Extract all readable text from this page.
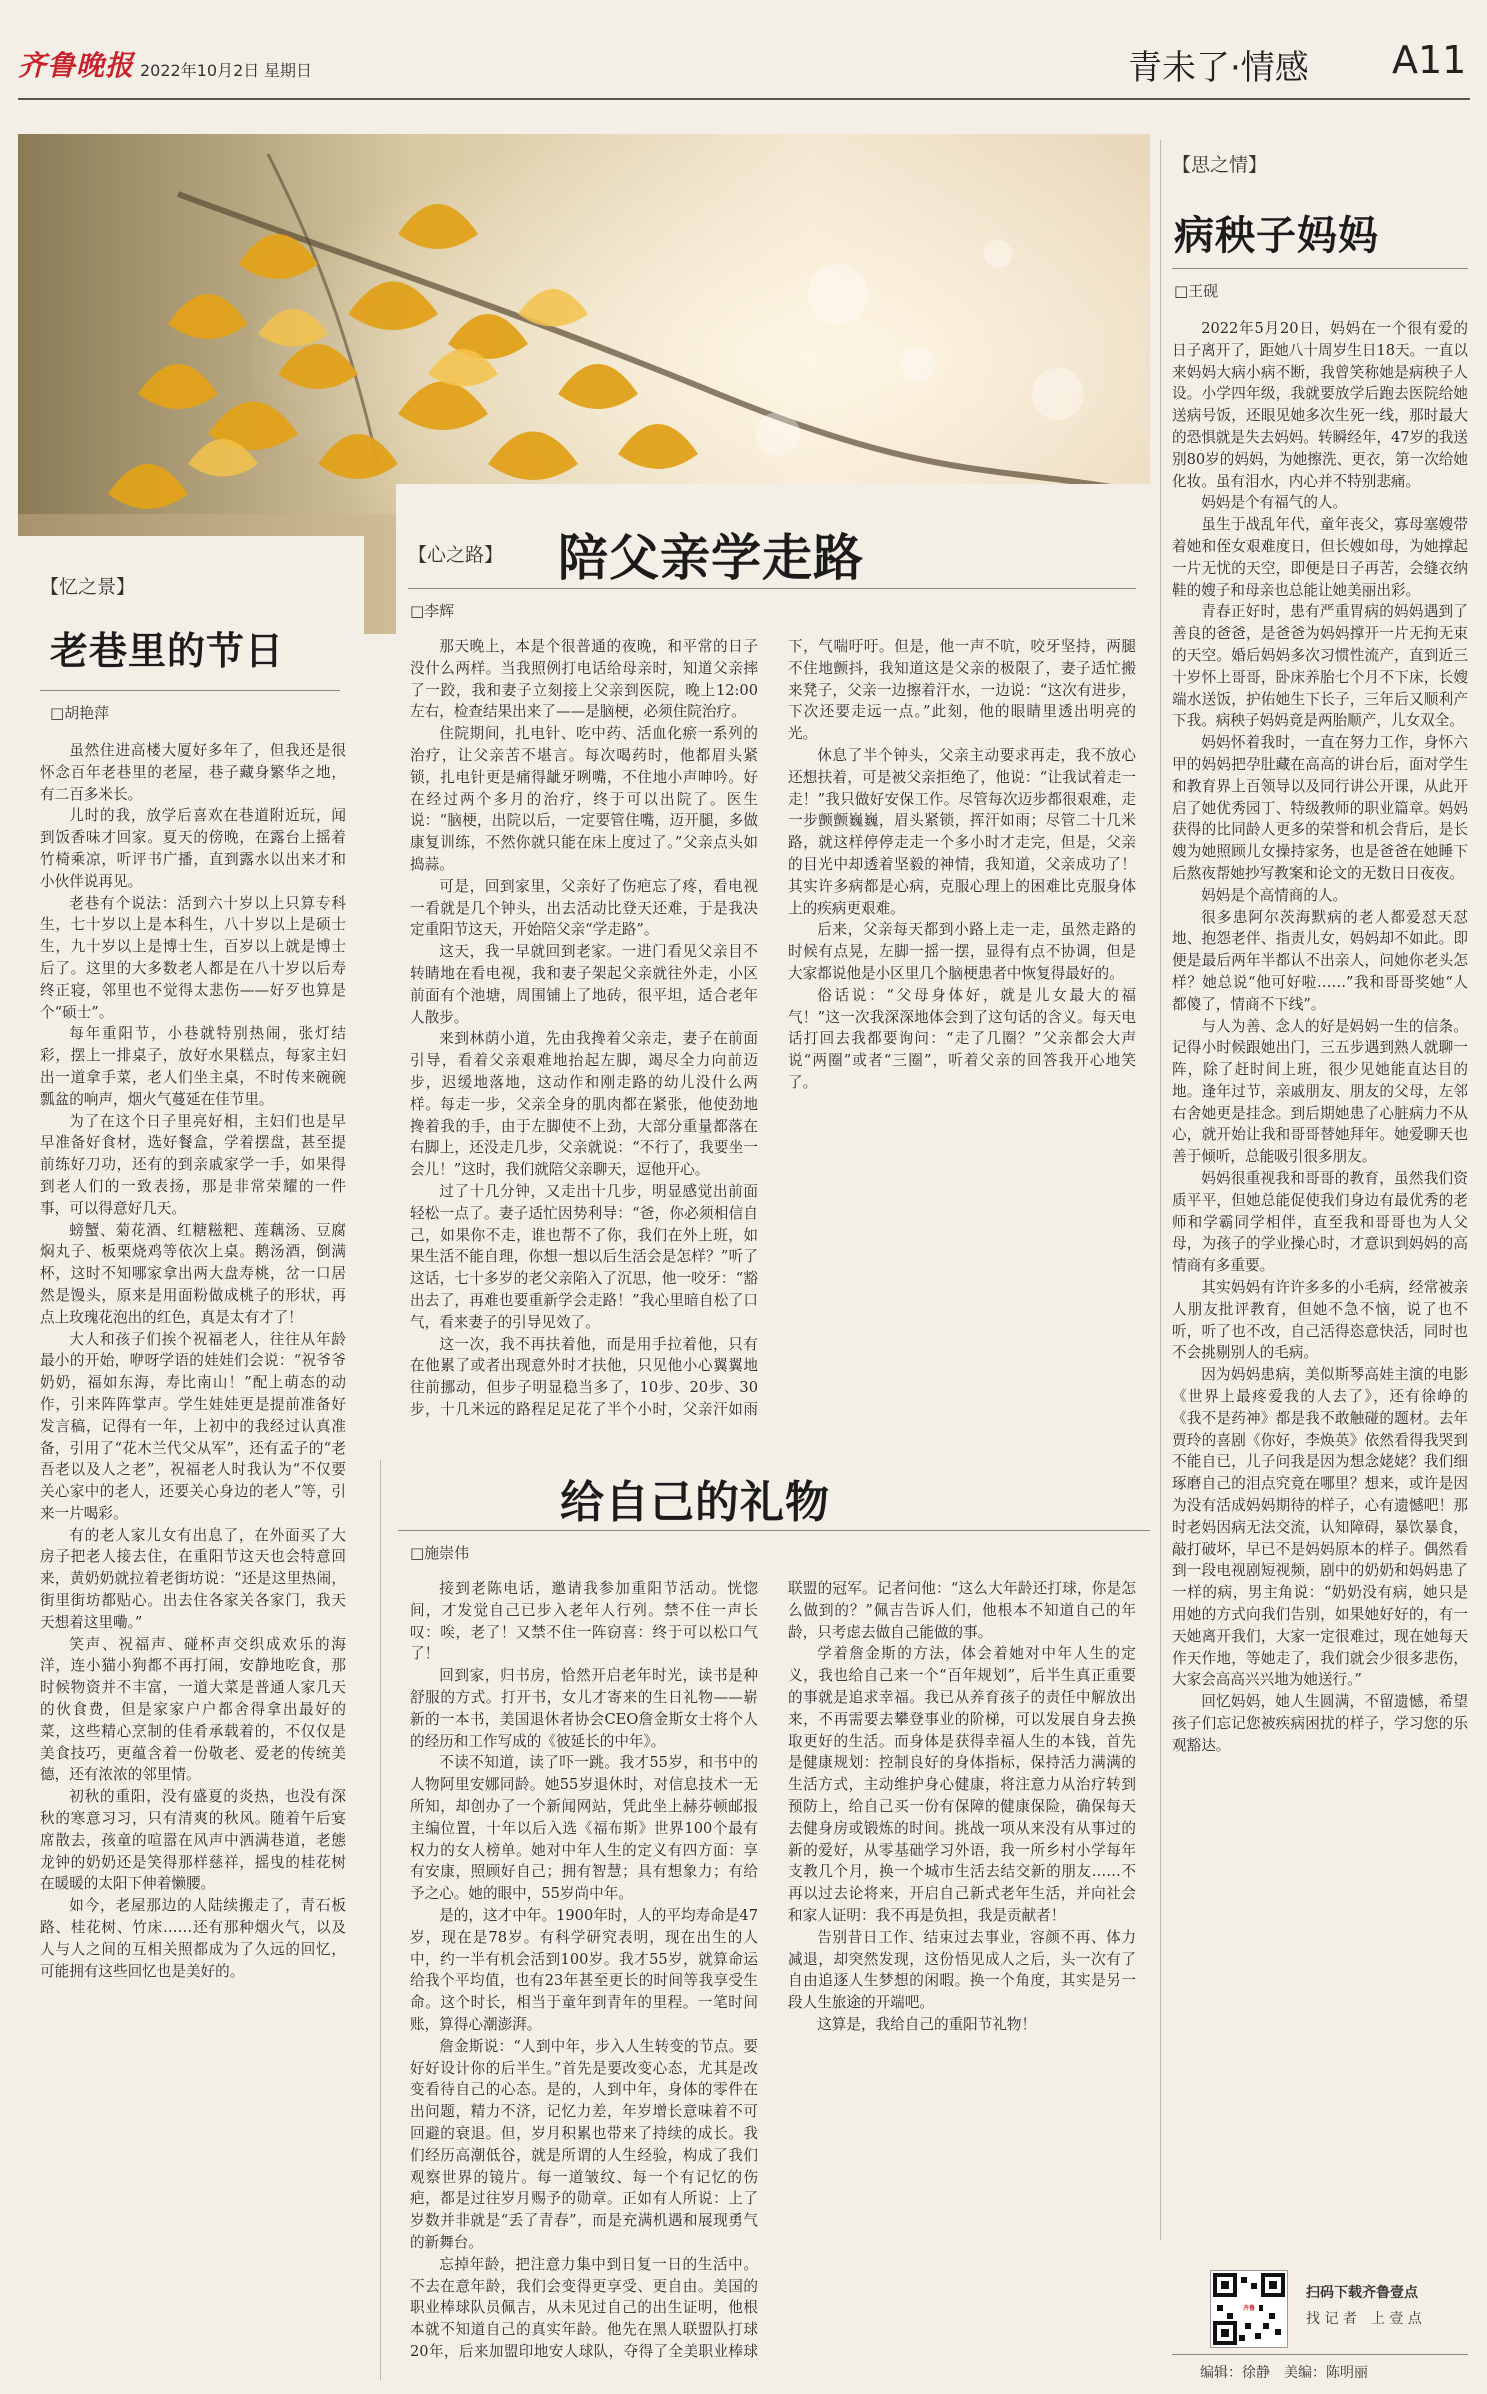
齐鲁晚报 2022年10月2日 星期日	青未了·情感 A11
【忆之景】
老巷里的节日
□胡艳萍

虽然住进高楼大厦好多年了，但我还是很怀念百年老巷里的老屋，巷子藏身繁华之地，有二百多米长。

儿时的我，放学后喜欢在巷道附近玩，闻到饭香味才回家。夏天的傍晚，在露台上摇着竹椅乘凉，听评书广播，直到露水以出来才和小伙伴说再见。

老巷有个说法：活到六十岁以上只算专科生，七十岁以上是本科生，八十岁以上是硕士生，九十岁以上是博士生，百岁以上就是博士后了。这里的大多数老人都是在八十岁以后寿终正寝，邻里也不觉得太悲伤——好歹也算是个“硕士”。

每年重阳节，小巷就特别热闹，张灯结彩，摆上一排桌子，放好水果糕点，每家主妇出一道拿手菜，老人们坐主桌，不时传来碗碗瓢盆的响声，烟火气蔓延在佳节里。

为了在这个日子里亮好相，主妇们也是早早准备好食材，选好餐盒，学着摆盘，甚至提前练好刀功，还有的到亲戚家学一手，如果得到老人们的一致表扬，那是非常荣耀的一件事，可以得意好几天。

螃蟹、菊花酒、红糖糍粑、莲藕汤、豆腐焖丸子、板栗烧鸡等依次上桌。鹅汤酒，倒满杯，这时不知哪家拿出两大盘寿桃，岔一口居然是馒头，原来是用面粉做成桃子的形状，再点上玫瑰花泡出的红色，真是太有才了！

大人和孩子们挨个祝福老人，往往从年龄最小的开始，咿呀学语的娃娃们会说：“祝爷爷奶奶，福如东海，寿比南山！”配上萌态的动作，引来阵阵掌声。学生娃娃更是提前准备好发言稿，记得有一年，上初中的我经过认真准备，引用了“花木兰代父从军”，还有孟子的“老吾老以及人之老”，祝福老人时我认为“不仅要关心家中的老人，还要关心身边的老人”等，引来一片喝彩。

有的老人家儿女有出息了，在外面买了大房子把老人接去住，在重阳节这天也会特意回来，黄奶奶就拉着老街坊说：“还是这里热闹，街里街坊都贴心。出去住各家关各家门，我天天想着这里嘞。”

笑声、祝福声、碰杯声交织成欢乐的海洋，连小猫小狗都不再打闹，安静地吃食，那时候物资并不丰富，一道大菜是普通人家几天的伙食费，但是家家户户都舍得拿出最好的菜，这些精心烹制的佳肴承载着的，不仅仅是美食技巧，更蕴含着一份敬老、爱老的传统美德，还有浓浓的邻里情。

初秋的重阳，没有盛夏的炎热，也没有深秋的寒意习习，只有清爽的秋风。随着午后宴席散去，孩童的喧嚣在风声中洒满巷道，老態龙钟的奶奶还是笑得那样慈祥，摇曳的桂花树在暖暖的太阳下伸着懒腰。

如今，老屋那边的人陆续搬走了，青石板路、桂花树、竹床……还有那种烟火气，以及人与人之间的互相关照都成为了久远的回忆，可能拥有这些回忆也是美好的。

【心之路】 陪父亲学走路
□李辉

那天晚上，本是个很普通的夜晚，和平常的日子没什么两样。当我照例打电话给母亲时，知道父亲摔了一跤，我和妻子立刻接上父亲到医院，晚上12:00左右，检查结果出来了——是脑梗，必须住院治疗。

住院期间，扎电针、吃中药、活血化瘀一系列的治疗，让父亲苦不堪言。每次喝药时，他都眉头紧锁，扎电针更是痛得龇牙咧嘴，不住地小声呻吟。好在经过两个多月的治疗，终于可以出院了。医生说：“脑梗，出院以后，一定要管住嘴，迈开腿，多做康复训练，不然你就只能在床上度过了。”父亲点头如捣蒜。

可是，回到家里，父亲好了伤疤忘了疼，看电视一看就是几个钟头，出去活动比登天还难，于是我决定重阳节这天，开始陪父亲“学走路”。

这天，我一早就回到老家。一进门看见父亲目不转睛地在看电视，我和妻子架起父亲就往外走，小区前面有个池塘，周围铺上了地砖，很平坦，适合老年人散步。

来到林荫小道，先由我搀着父亲走，妻子在前面引导，看着父亲艰难地抬起左脚，竭尽全力向前迈步，迟缓地落地，这动作和刚走路的幼儿没什么两样。每走一步，父亲全身的肌肉都在紧张，他使劲地搀着我的手，由于左脚使不上劲，大部分重量都落在右脚上，还没走几步，父亲就说：“不行了，我要坐一会儿！”这时，我们就陪父亲聊天，逗他开心。

过了十几分钟，又走出十几步，明显感觉出前面轻松一点了。妻子适忙因势利导：“爸，你必须相信自己，如果你不走，谁也帮不了你，我们在外上班，如果生活不能自理，你想一想以后生活会是怎样？”听了这话，七十多岁的老父亲陷入了沉思，他一咬牙：“豁出去了，再难也要重新学会走路！”我心里暗自松了口气，看来妻子的引导见效了。

这一次，我不再扶着他，而是用手拉着他，只有在他累了或者出现意外时才扶他，只见他小心翼翼地往前挪动，但步子明显稳当多了，10步、20步、30步，十几米远的路程足足花了半个小时，父亲汗如雨下，气喘吁吁。但是，他一声不吭，咬牙坚持，两腿不住地颤抖，我知道这是父亲的极限了，妻子适忙搬来凳子，父亲一边擦着汗水，一边说：“这次有进步，下次还要走远一点。”此刻，他的眼睛里透出明亮的光。

休息了半个钟头，父亲主动要求再走，我不放心还想扶着，可是被父亲拒绝了，他说：“让我试着走一走！”我只做好安保工作。尽管每次迈步都很艰难，走一步颤颤巍巍，眉头紧锁，挥汗如雨；尽管二十几米路，就这样停停走走一个多小时才走完，但是，父亲的目光中却透着坚毅的神情，我知道，父亲成功了！其实许多病都是心病，克服心理上的困难比克服身体上的疾病更艰难。

后来，父亲每天都到小路上走一走，虽然走路的时候有点晃，左脚一摇一摆，显得有点不协调，但是大家都说他是小区里几个脑梗患者中恢复得最好的。

俗话说：“父母身体好，就是儿女最大的福气！”这一次我深深地体会到了这句话的含义。每天电话打回去我都要询问：“走了几圈？”父亲都会大声说“两圈”或者“三圈”，听着父亲的回答我开心地笑了。

给自己的礼物
□施崇伟

接到老陈电话，邀请我参加重阳节活动。恍惚间，才发觉自己已步入老年人行列。禁不住一声长叹：唉，老了！又禁不住一阵窃喜：终于可以松口气了！

回到家，归书房，恰然开启老年时光，读书是种舒服的方式。打开书，女儿才寄来的生日礼物——崭新的一本书，美国退休者协会CEO詹金斯女士将个人的经历和工作写成的《彼延长的中年》。

不读不知道，读了吓一跳。我才55岁，和书中的人物阿里安娜同龄。她55岁退休时，对信息技术一无所知，却创办了一个新闻网站，凭此坐上赫芬顿邮报主编位置，十年以后入选《福布斯》世界100个最有权力的女人榜单。她对中年人生的定义有四方面：享有安康，照顾好自己；拥有智慧；具有想象力；有给予之心。她的眼中，55岁尚中年。

是的，这才中年。1900年时，人的平均寿命是47岁，现在是78岁。有科学研究表明，现在出生的人中，约一半有机会活到100岁。我才55岁，就算命运给我个平均值，也有23年甚至更长的时间等我享受生命。这个时长，相当于童年到青年的里程。一笔时间账，算得心潮澎湃。

詹金斯说：“人到中年，步入人生转变的节点。要好好设计你的后半生。”首先是要改变心态，尤其是改变看待自己的心态。是的，人到中年，身体的零件在出问题，精力不济，记忆力差，年岁增长意味着不可回避的衰退。但，岁月积累也带来了持续的成长。我们经历高潮低谷，就是所谓的人生经验，构成了我们观察世界的镜片。每一道皱纹、每一个有记忆的伤疤，都是过往岁月赐予的勋章。正如有人所说：上了岁数并非就是“丢了青春”，而是充满机遇和展现勇气的新舞台。

忘掉年龄，把注意力集中到日复一日的生活中。不去在意年龄，我们会变得更享受、更自由。美国的职业棒球队员佩吉，从未见过自己的出生证明，他根本就不知道自己的真实年龄。他先在黑人联盟队打球20年，后来加盟印地安人球队，夺得了全美职业棒球联盟的冠军。记者问他：“这么大年龄还打球，你是怎么做到的？”佩吉告诉人们，他根本不知道自己的年龄，只考虑去做自己能做的事。

学着詹金斯的方法，体会着她对中年人生的定义，我也给自己来一个“百年规划”，后半生真正重要的事就是追求幸福。我已从养育孩子的责任中解放出来，不再需要去攀登事业的阶梯，可以发展自身去换取更好的生活。而身体是获得幸福人生的本钱，首先是健康规划：控制良好的身体指标，保持活力满满的生活方式，主动维护身心健康，将注意力从治疗转到预防上，给自己买一份有保障的健康保险，确保每天去健身房或锻炼的时间。挑战一项从来没有从事过的新的爱好，从零基础学习外语，我一所乡村小学每年支教几个月，换一个城市生活去结交新的朋友……不再以过去论将来，开启自己新式老年生活，并向社会和家人证明：我不再是负担，我是贡献者！

告别昔日工作、结束过去事业，容颜不再、体力减退，却突然发现，这份悟见成人之后，头一次有了自由追逐人生梦想的闲暇。换一个角度，其实是另一段人生旅途的开端吧。

这算是，我给自己的重阳节礼物！

【思之情】
病秧子妈妈
□王砚

2022年5月20日，妈妈在一个很有爱的日子离开了，距她八十周岁生日18天。一直以来妈妈大病小病不断，我曾笑称她是病秧子人设。小学四年级，我就要放学后跑去医院给她送病号饭，还眼见她多次生死一线，那时最大的恐惧就是失去妈妈。转瞬经年，47岁的我送别80岁的妈妈，为她擦洗、更衣，第一次给她化妆。虽有泪水，内心并不特别悲痛。

妈妈是个有福气的人。

虽生于战乱年代，童年丧父，寡母塞嫂带着她和侄女艰难度日，但长嫂如母，为她撑起一片无忧的天空，即便是日子再苦，会缝衣纳鞋的嫂子和母亲也总能让她美丽出彩。

青春正好时，患有严重胃病的妈妈遇到了善良的爸爸，是爸爸为妈妈撑开一片无拘无束的天空。婚后妈妈多次习惯性流产，直到近三十岁怀上哥哥，卧床养胎七个月不下床，长嫂端水送饭，护佑她生下长子，三年后又顺利产下我。病秧子妈妈竟是两胎顺产，儿女双全。

妈妈怀着我时，一直在努力工作，身怀六甲的妈妈把孕肚藏在高高的讲台后，面对学生和教育界上百领导以及同行讲公开课，从此开启了她优秀园丁、特级教师的职业篇章。妈妈获得的比同龄人更多的荣誉和机会背后，是长嫂为她照顾儿女操持家务，也是爸爸在她睡下后熬夜帮她抄写教案和论文的无数日日夜夜。

妈妈是个高情商的人。

很多患阿尔茨海默病的老人都爱怼天怼地、抱怨老伴、指责儿女，妈妈却不如此。即便是最后两年半都认不出亲人，问她你老头怎样？她总说“他可好啦……”我和哥哥奖她“人都傻了，情商不下线”。

与人为善、念人的好是妈妈一生的信条。记得小时候跟她出门，三五步遇到熟人就聊一阵，除了赶时间上班，很少见她能直达目的地。逢年过节，亲戚朋友、朋友的父母，左邻右舍她更是挂念。到后期她患了心脏病力不从心，就开始让我和哥哥替她拜年。她爱聊天也善于倾听，总能吸引很多朋友。

妈妈很重视我和哥哥的教育，虽然我们资质平平，但她总能促使我们身边有最优秀的老师和学霸同学相伴，直至我和哥哥也为人父母，为孩子的学业操心时，才意识到妈妈的高情商有多重要。

其实妈妈有许许多多的小毛病，经常被亲人朋友批评教育，但她不急不恼，说了也不听，听了也不改，自己活得恣意快活，同时也不会挑剔别人的毛病。

因为妈妈患病，美似斯琴高娃主演的电影《世界上最疼爱我的人去了》，还有徐峥的《我不是药神》都是我不敢触碰的题材。去年贾玲的喜剧《你好，李焕英》依然看得我哭到不能自已，儿子问我是因为想念姥姥？我们细琢磨自己的泪点究竟在哪里？想来，或许是因为没有活成妈妈期待的样子，心有遗憾吧！那时老妈因病无法交流，认知障碍，暴饮暴食，敲打破坏，早已不是妈妈原本的样子。偶然看到一段电视剧短视频，剧中的奶奶和妈妈患了一样的病，男主角说：“奶奶没有病，她只是用她的方式向我们告别，如果她好好的，有一天她离开我们，大家一定很难过，现在她每天作天作地，等她走了，我们就会少很多悲伤，大家会高高兴兴地为她送行。”

回忆妈妈，她人生圆满，不留遗憾，希望孩子们忘记您被疾病困扰的样子，学习您的乐观豁达。

齐鲁
扫码下载齐鲁壹点
找 记 者　上 壹 点
编辑：徐静　美编：陈明丽
